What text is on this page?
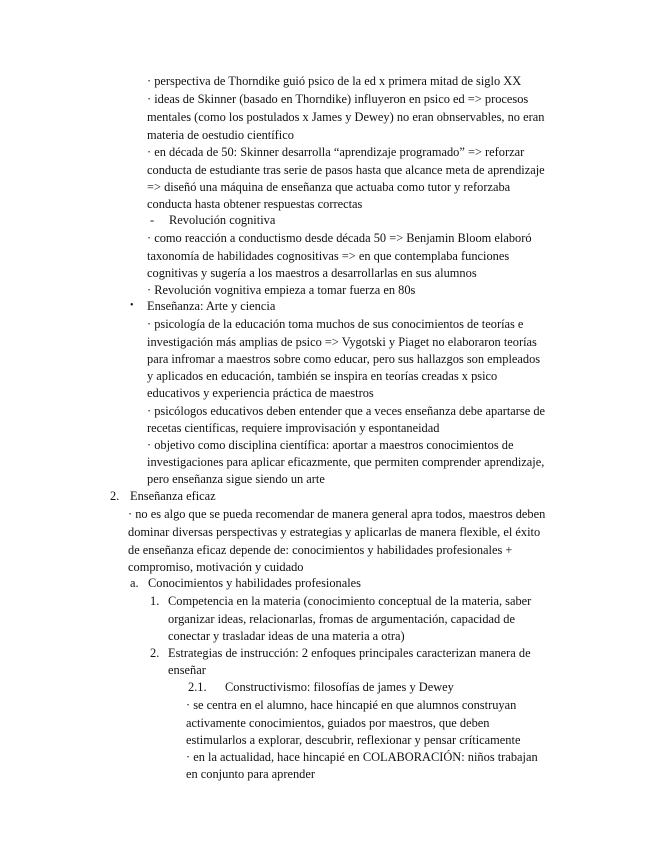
· perspectiva de Thorndike guió psico de la ed x primera mitad de siglo XX
· ideas de Skinner (basado en Thorndike) influyeron en psico ed => procesos
mentales (como los postulados x James y Dewey) no eran obnservables, no eran
materia de oestudio científico
· en década de 50: Skinner desarrolla “aprendizaje programado” => reforzar
conducta de estudiante tras serie de pasos hasta que alcance meta de aprendizaje
=> diseñó una máquina de enseñanza que actuaba como tutor y reforzaba
conducta hasta obtener respuestas correctas
- Revolución cognitiva
· como reacción a conductismo desde década 50 => Benjamin Bloom elaboró
taxonomía de habilidades cognositivas => en que contemplaba funciones
cognitivas y sugería a los maestros a desarrollarlas en sus alumnos
· Revolución vognitiva empieza a tomar fuerza en 80s
• Enseñanza: Arte y ciencia
· psicología de la educación toma muchos de sus conocimientos de teorías e
investigación más amplias de psico => Vygotski y Piaget no elaboraron teorías
para infromar a maestros sobre como educar, pero sus hallazgos son empleados
y aplicados en educación, también se inspira en teorías creadas x psico
educativos y experiencia práctica de maestros
· psicólogos educativos deben entender que a veces enseñanza debe apartarse de
recetas científicas, requiere improvisación y espontaneidad
· objetivo como disciplina científica: aportar a maestros conocimientos de
investigaciones para aplicar eficazmente, que permiten comprender aprendizaje,
pero enseñanza sigue siendo un arte
2. Enseñanza eficaz
· no es algo que se pueda recomendar de manera general apra todos, maestros deben
dominar diversas perspectivas y estrategias y aplicarlas de manera flexible, el éxito
de enseñanza eficaz depende de: conocimientos y habilidades profesionales +
compromiso, motivación y cuidado
a. Conocimientos y habilidades profesionales
1. Competencia en la materia (conocimiento conceptual de la materia, saber
organizar ideas, relacionarlas, fromas de argumentación, capacidad de
conectar y trasladar ideas de una materia a otra)
2. Estrategias de instrucción: 2 enfoques principales caracterizan manera de
enseñar
2.1. Constructivismo: filosofías de james y Dewey
· se centra en el alumno, hace hincapié en que alumnos construyan
activamente conocimientos, guiados por maestros, que deben
estimularlos a explorar, descubrir, reflexionar y pensar críticamente
· en la actualidad, hace hincapié en COLABORACIÓN: niños trabajan
en conjunto para aprender
